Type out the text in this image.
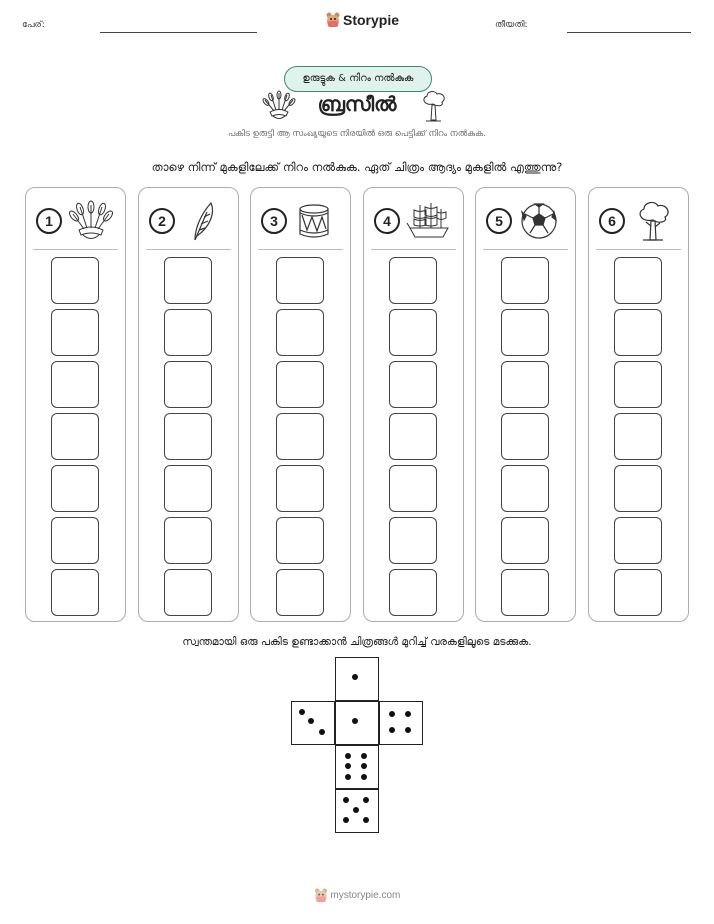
പേര്:	Storypie	തീയതി:
ഉരുട്ടുക & നിറം നൽകുക
ബ്രസീൽ
പകിട ഉരുട്ടി ആ സംഖ്യയുടെ നിരയിൽ ഒരു പെട്ടിക്ക് നിറം നൽകുക.
താഴെ നിന്ന് മുകളിലേക്ക് നിറം നൽകുക. ഏത് ചിത്രം ആദ്യം മുകളിൽ എത്തുന്നു?
1	2	3	4	5	6
സ്വന്തമായി ഒരു പകിട ഉണ്ടാക്കാൻ ചിത്രങ്ങൾ മുറിച്ച് വരകളിലൂടെ മടക്കുക.
mystorypie.com
